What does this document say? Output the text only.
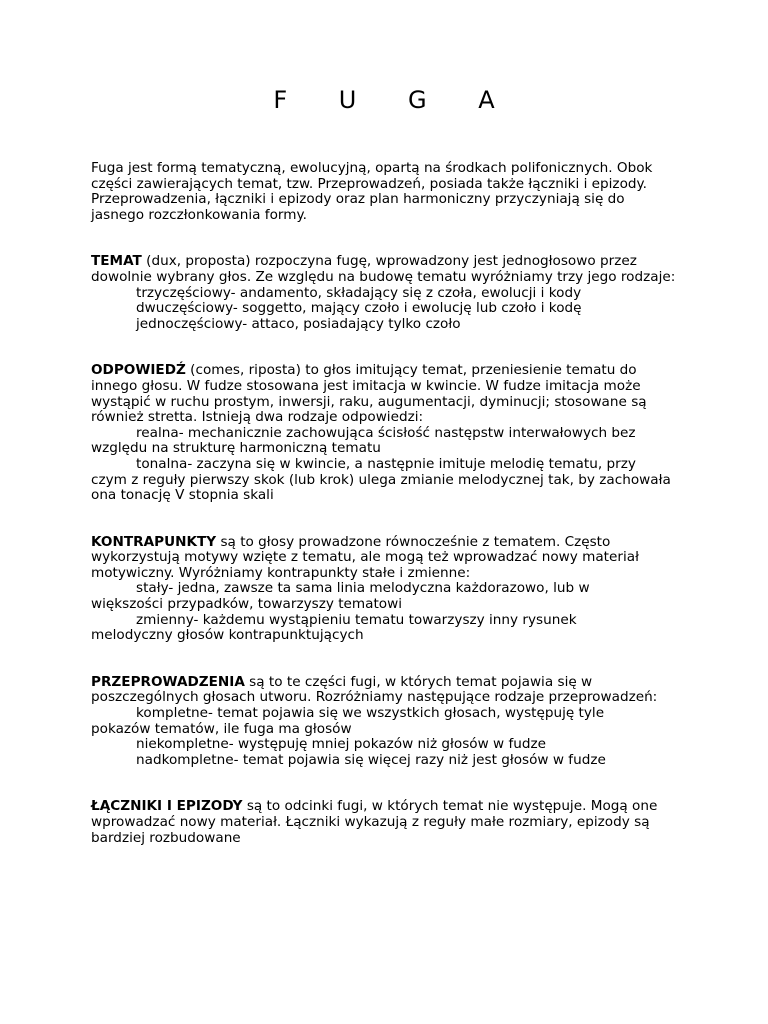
F U G A

Fuga jest formą tematyczną, ewolucyjną, opartą na środkach polifonicznych. Obok części zawierających temat, tzw. Przeprowadzeń, posiada także łączniki i epizody. Przeprowadzenia, łączniki i epizody oraz plan harmoniczny przyczyniają się do jasnego rozczłonkowania formy.

TEMAT (dux, proposta) rozpoczyna fugę, wprowadzony jest jednogłosowo przez dowolnie wybrany głos. Ze względu na budowę tematu wyróżniamy trzy jego rodzaje:

trzyczęściowy- andamento, składający się z czoła, ewolucji i kody

dwuczęściowy- soggetto, mający czoło i ewolucję lub czoło i kodę

jednoczęściowy- attaco, posiadający tylko czoło

ODPOWIEDŹ (comes, riposta) to głos imitujący temat, przeniesienie tematu do innego głosu. W fudze stosowana jest imitacja w kwincie. W fudze imitacja może wystąpić w ruchu prostym, inwersji, raku, augumentacji, dyminucji; stosowane są również stretta. Istnieją dwa rodzaje odpowiedzi:

realna- mechanicznie zachowująca ścisłość następstw interwałowych bez

względu na strukturę harmoniczną tematu

tonalna- zaczyna się w kwincie, a następnie imituje melodię tematu, przy

czym z reguły pierwszy skok (lub krok) ulega zmianie melodycznej tak, by zachowała ona tonację V stopnia skali

KONTRAPUNKTY są to głosy prowadzone równocześnie z tematem. Często wykorzystują motywy wzięte z tematu, ale mogą też wprowadzać nowy materiał motywiczny. Wyróżniamy kontrapunkty stałe i zmienne:

stały- jedna, zawsze ta sama linia melodyczna każdorazowo, lub w

większości przypadków, towarzyszy tematowi

zmienny- każdemu wystąpieniu tematu towarzyszy inny rysunek

melodyczny głosów kontrapunktujących

PRZEPROWADZENIA są to te części fugi, w których temat pojawia się w poszczególnych głosach utworu. Rozróżniamy następujące rodzaje przeprowadzeń:

kompletne- temat pojawia się we wszystkich głosach, występuję tyle

pokazów tematów, ile fuga ma głosów

niekompletne- występuję mniej pokazów niż głosów w fudze

nadkompletne- temat pojawia się więcej razy niż jest głosów w fudze

ŁĄCZNIKI I EPIZODY są to odcinki fugi, w których temat nie występuje. Mogą one wprowadzać nowy materiał. Łączniki wykazują z reguły małe rozmiary, epizody są bardziej rozbudowane
